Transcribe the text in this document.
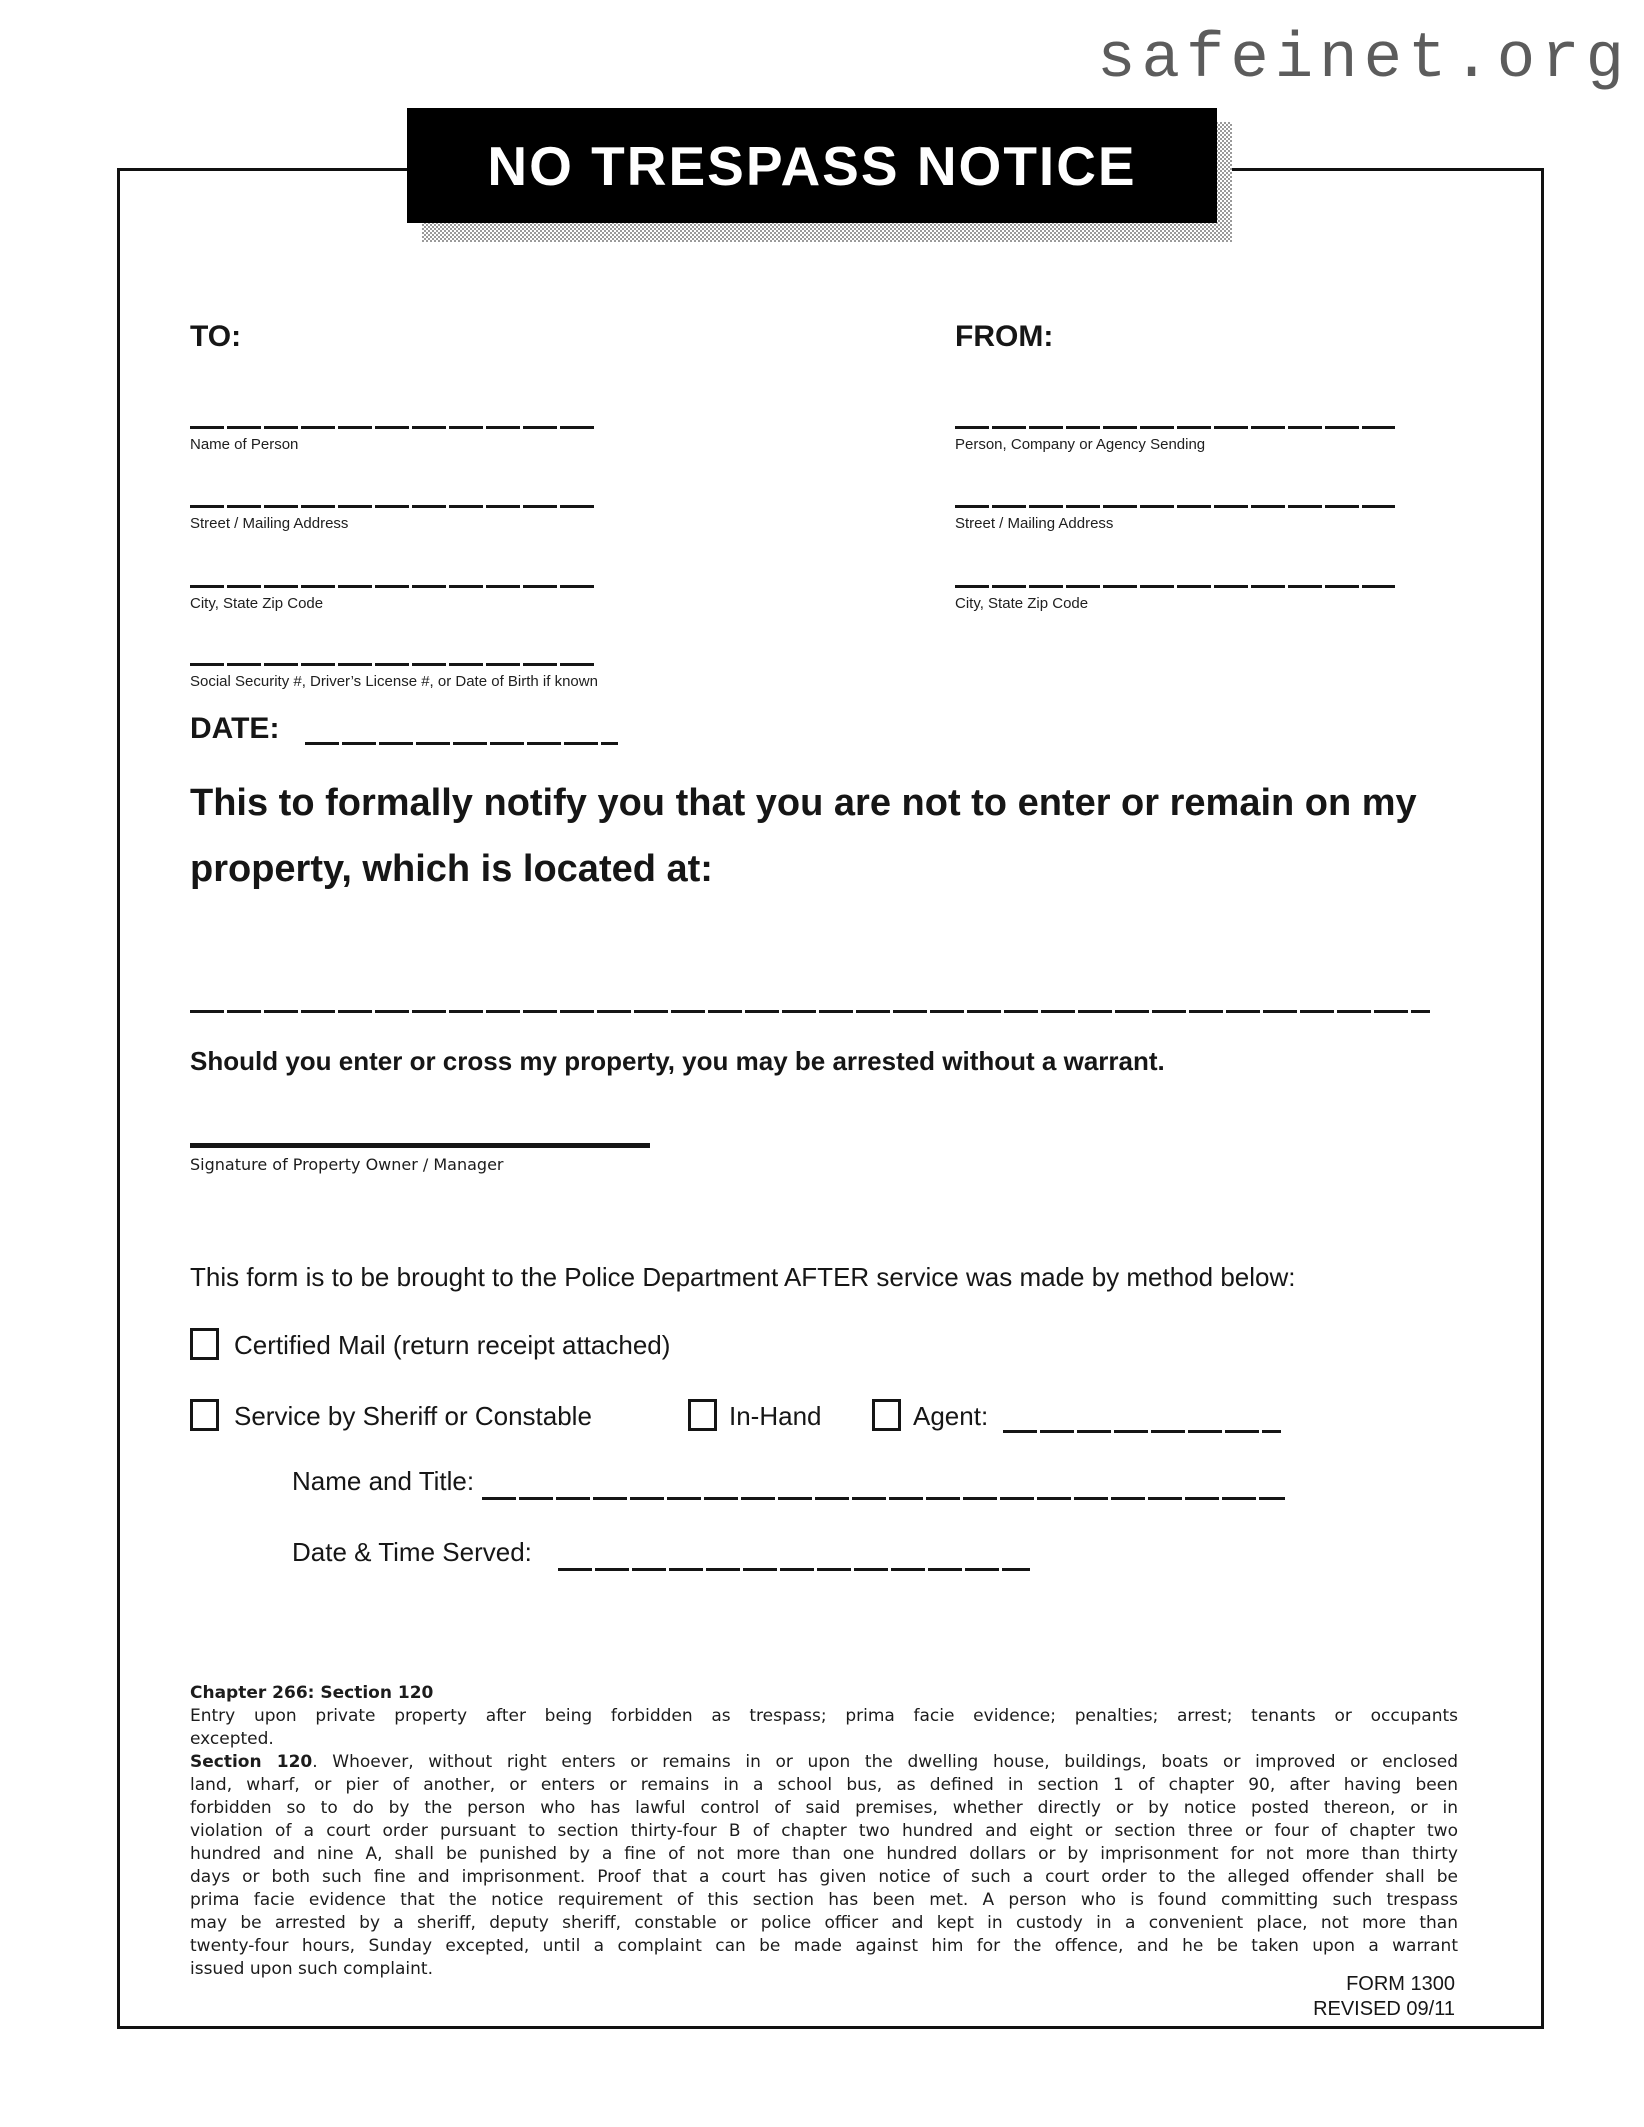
safeinet.org
NO TRESPASS NOTICE
TO:
Name of Person
Street / Mailing Address
City, State Zip Code
Social Security #, Driver’s License #, or Date of Birth if known
FROM:
Person, Company or Agency Sending
Street / Mailing Address
City, State Zip Code
DATE:
This to formally notify you that you are not to enter or remain on my property, which is located at:
Should you enter or cross my property, you may be arrested without a warrant.
Signature of Property Owner / Manager
This form is to be brought to the Police Department AFTER service was made by method below:
Certified Mail (return receipt attached)
Service by Sheriff or Constable	In-Hand	Agent:
Name and Title:
Date & Time Served:
Chapter 266: Section 120
Entry upon private property after being forbidden as trespass; prima facie evidence; penalties; arrest; tenants or occupants
excepted.
Section 120. Whoever, without right enters or remains in or upon the dwelling house, buildings, boats or improved or enclosed
land, wharf, or pier of another, or enters or remains in a school bus, as defined in section 1 of chapter 90, after having been
forbidden so to do by the person who has lawful control of said premises, whether directly or by notice posted thereon, or in
violation of a court order pursuant to section thirty-four B of chapter two hundred and eight or section three or four of chapter two
hundred and nine A, shall be punished by a fine of not more than one hundred dollars or by imprisonment for not more than thirty
days or both such fine and imprisonment. Proof that a court has given notice of such a court order to the alleged offender shall be
prima facie evidence that the notice requirement of this section has been met. A person who is found committing such trespass
may be arrested by a sheriff, deputy sheriff, constable or police officer and kept in custody in a convenient place, not more than
twenty-four hours, Sunday excepted, until a complaint can be made against him for the offence, and he be taken upon a warrant
issued upon such complaint.
FORM 1300
REVISED 09/11
